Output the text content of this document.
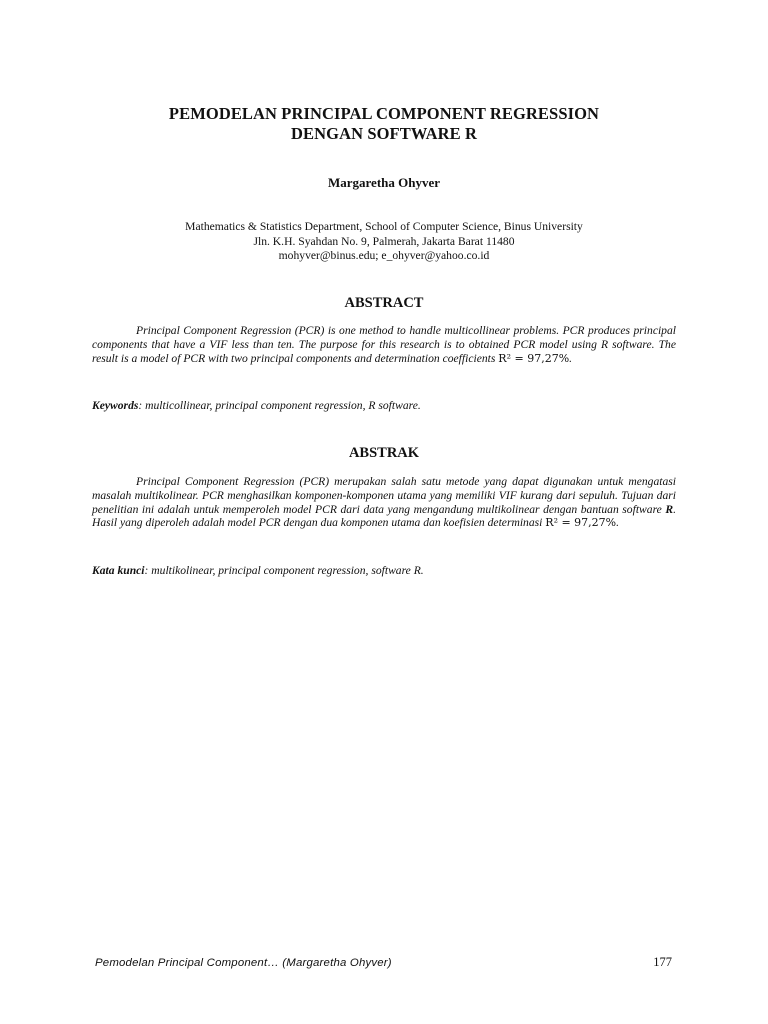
PEMODELAN PRINCIPAL COMPONENT REGRESSION
DENGAN SOFTWARE R
Margaretha Ohyver
Mathematics & Statistics Department, School of Computer Science, Binus University
Jln. K.H. Syahdan No. 9, Palmerah, Jakarta Barat 11480
mohyver@binus.edu; e_ohyver@yahoo.co.id
ABSTRACT
Principal Component Regression (PCR) is one method to handle multicollinear problems. PCR produces principal components that have a VIF less than ten. The purpose for this research is to obtained PCR model using R software. The result is a model of PCR with two principal components and determination coefficients R² = 97,27%.
Keywords: multicollinear, principal component regression, R software.
ABSTRAK
Principal Component Regression (PCR) merupakan salah satu metode yang dapat digunakan untuk mengatasi masalah multikolinear. PCR menghasilkan komponen-komponen utama yang memiliki VIF kurang dari sepuluh. Tujuan dari penelitian ini adalah untuk memperoleh model PCR dari data yang mengandung multikolinear dengan bantuan software R. Hasil yang diperoleh adalah model PCR dengan dua komponen utama dan koefisien determinasi R² = 97,27%.
Kata kunci: multikolinear, principal component regression, software R.
Pemodelan Principal Component… (Margaretha Ohyver)	177
